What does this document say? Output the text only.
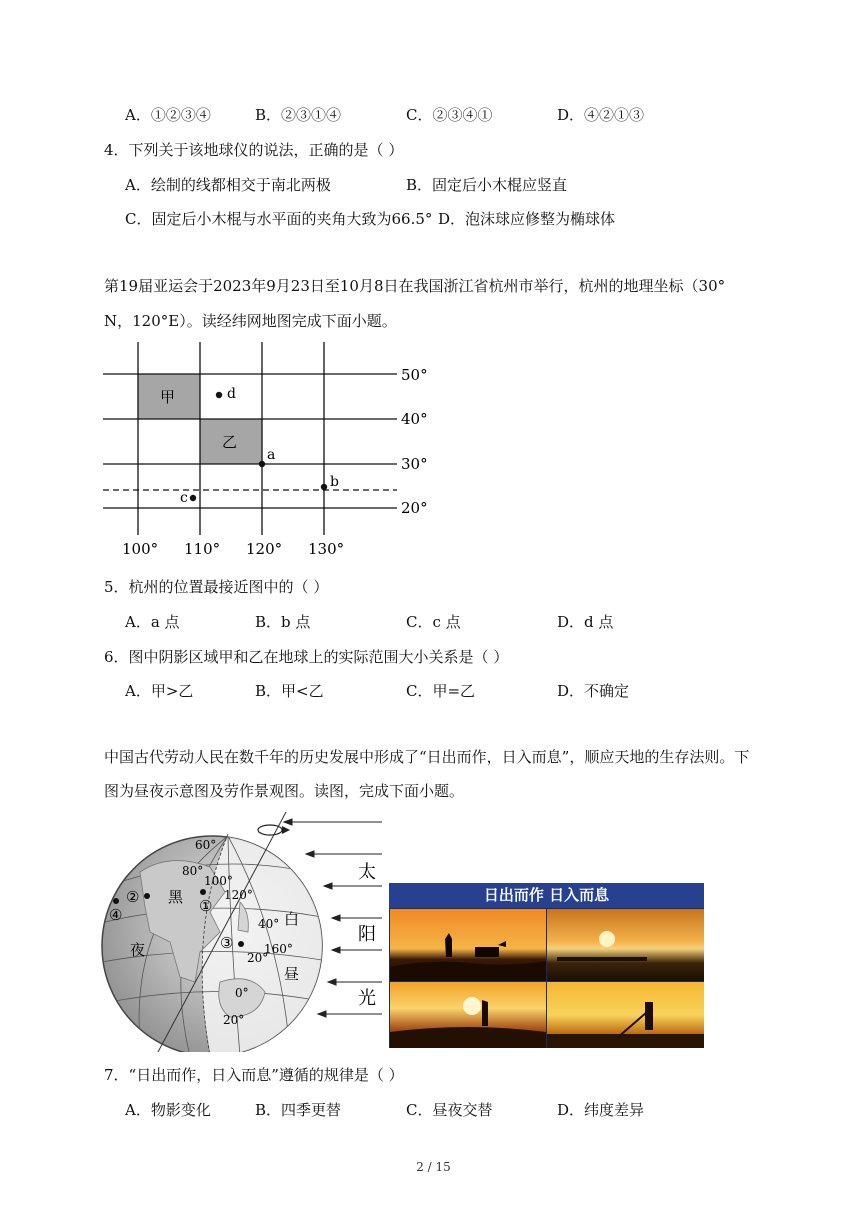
A．①②③④	B．②③①④	C．②③④①	D．④②①③
4．下列关于该地球仪的说法，正确的是（ ）
A．绘制的线都相交于南北两极	B．固定后小木棍应竖直
C．固定后小木棍与水平面的夹角大致为66.5° D．泡沫球应修整为椭球体
第19届亚运会于2023年9月23日至10月8日在我国浙江省杭州市举行，杭州的地理坐标（30°
N，120°E）。读经纬网地图完成下面小题。
50°
40°
30°
20°
100° 110° 120° 130°
甲
乙
d
a
b
c
5．杭州的位置最接近图中的（ ）
A．a 点	B．b 点	C．c 点	D．d 点
6．图中阴影区域甲和乙在地球上的实际范围大小关系是（ ）
A．甲>乙	B．甲<乙	C．甲=乙	D．不确定
中国古代劳动人民在数千年的历史发展中形成了“日出而作，日入而息”，顺应天地的生存法则。下
图为昼夜示意图及劳作景观图。读图，完成下面小题。
60°
80°
100°
120°
40°
160°
20°
0°
20°
黑
夜
白
昼
②
④	①
③
太
阳
光
日出而作 日入而息
7．“日出而作，日入而息”遵循的规律是（ ）
A．物影变化	B．四季更替	C．昼夜交替	D．纬度差异
2 / 15
